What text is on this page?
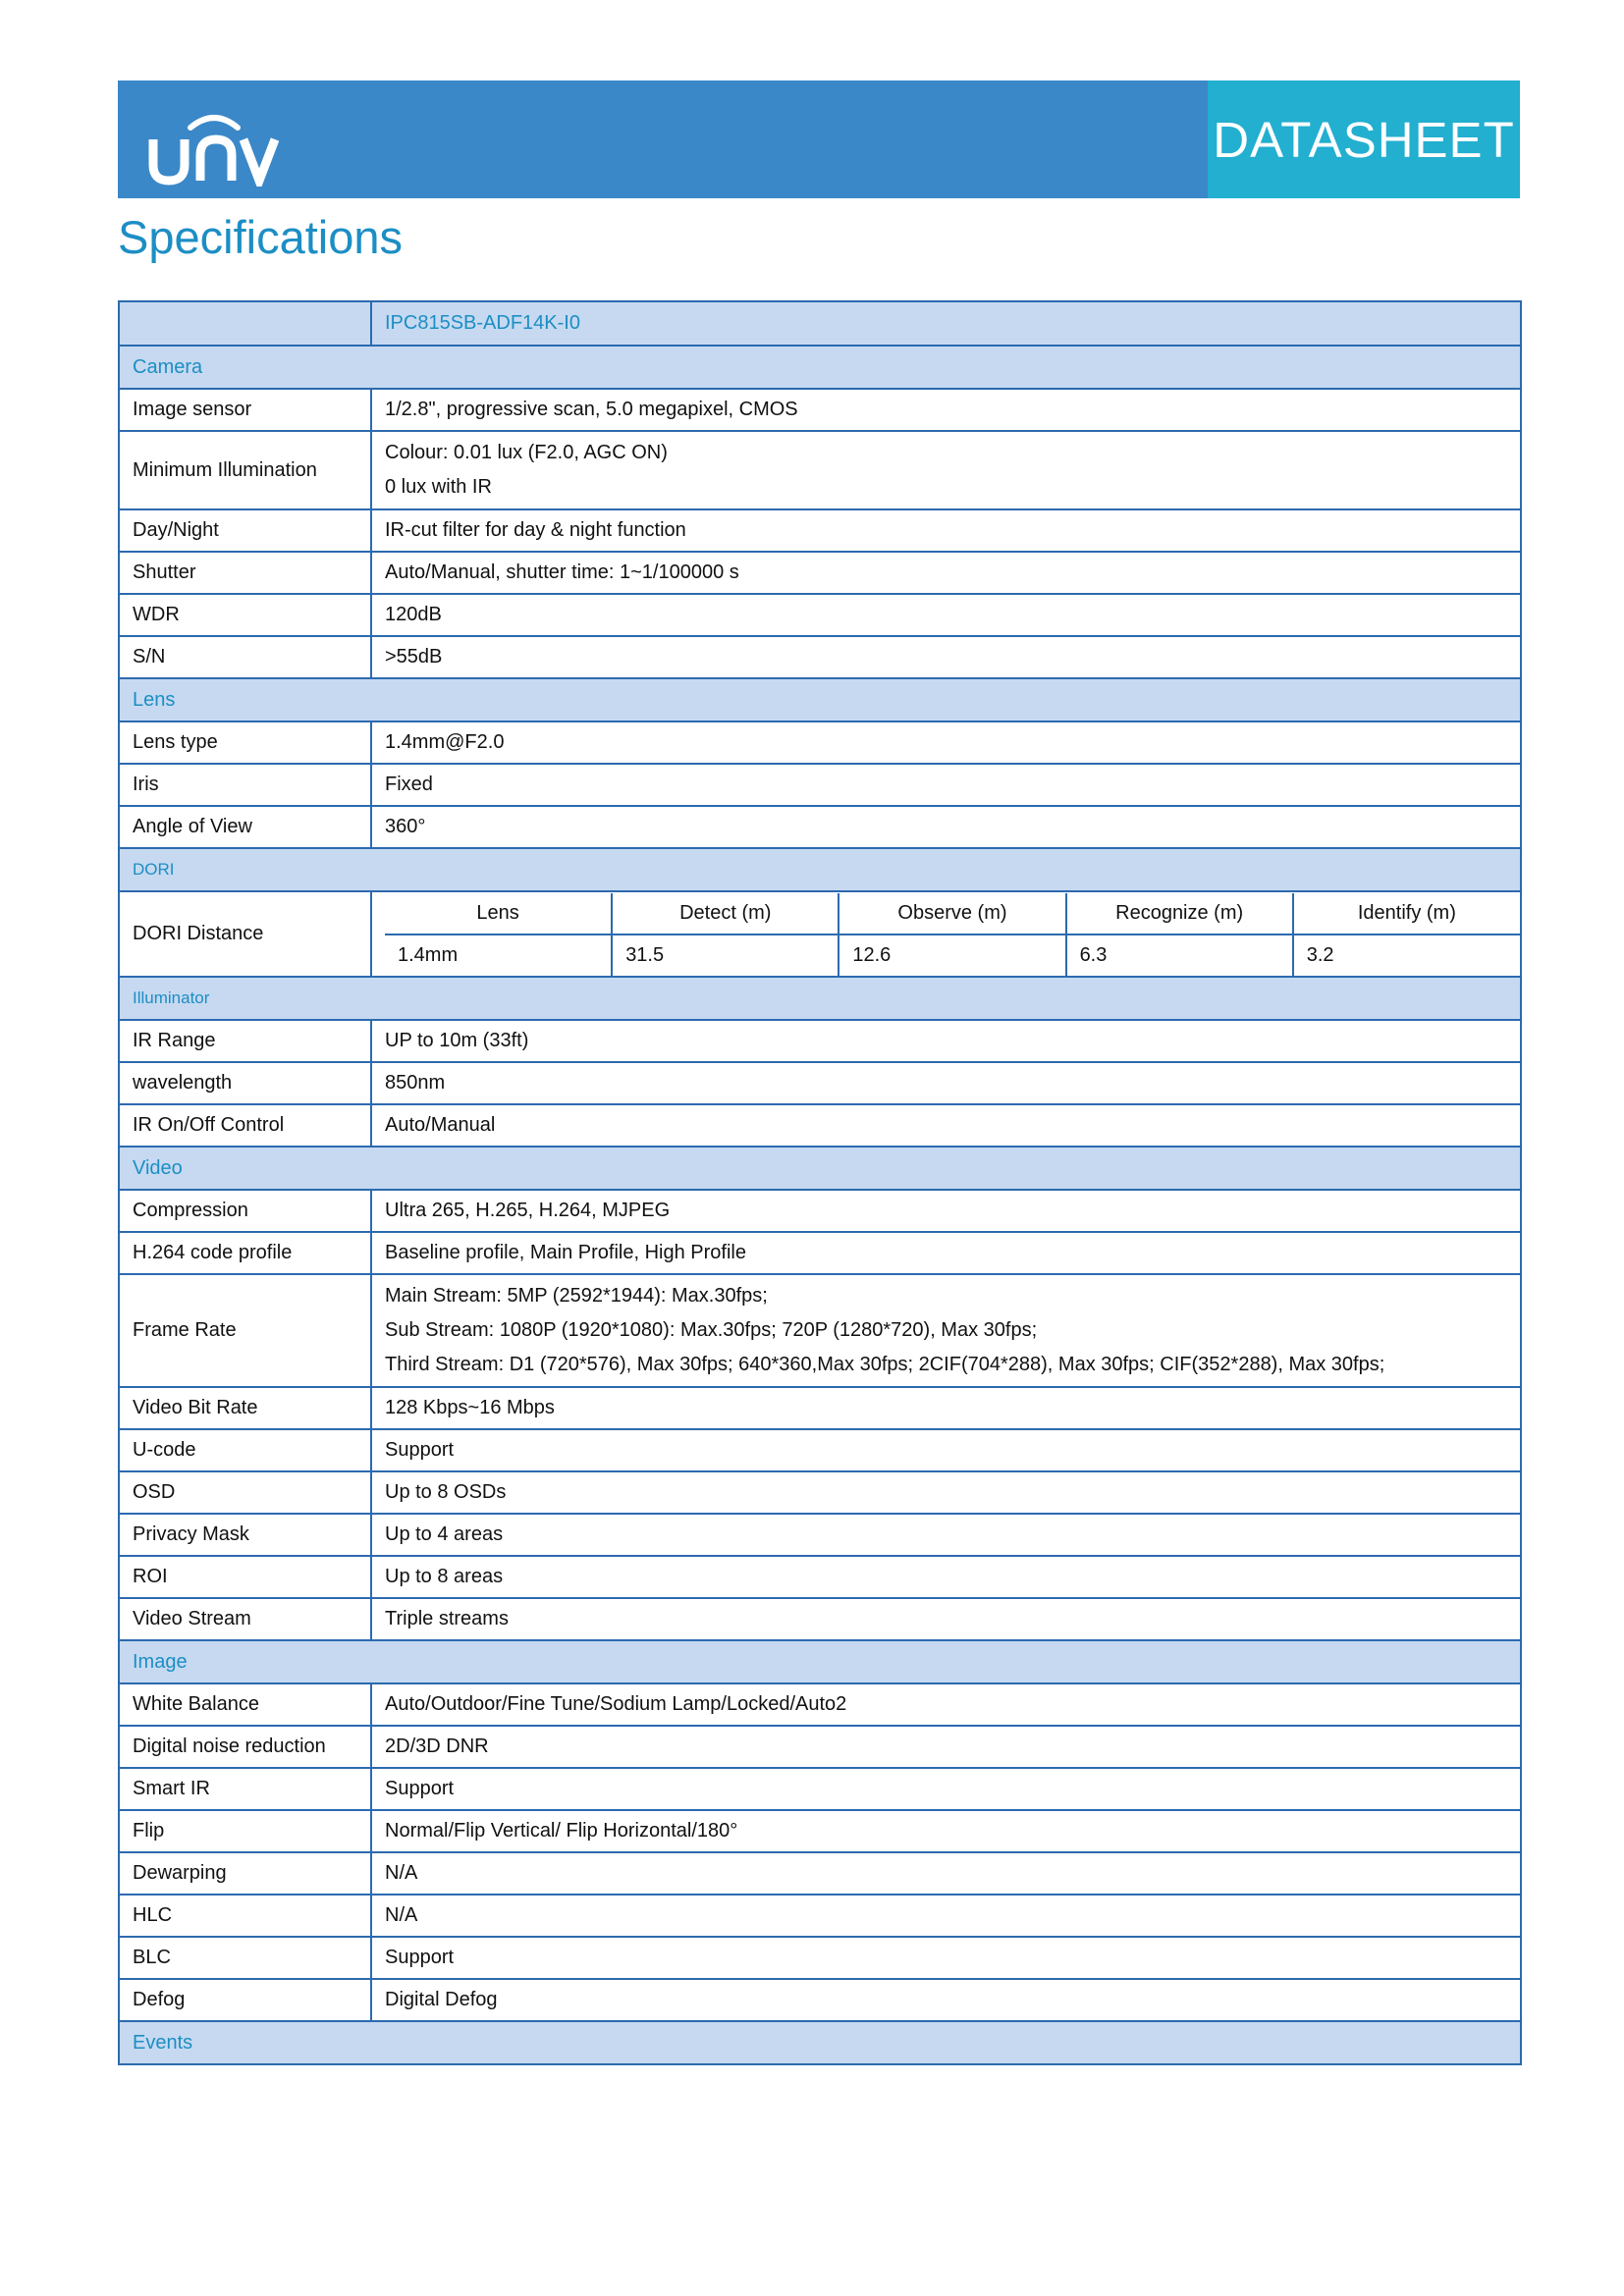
DATASHEET
Specifications
	IPC815SB-ADF14K-I0
Camera
Image sensor	1/2.8", progressive scan, 5.0 megapixel, CMOS

Minimum Illumination	
Colour: 0.01 lux (F2.0, AGC ON)
0 lux with IR

Day/Night	IR-cut filter for day & night function

Shutter	Auto/Manual, shutter time: 1~1/100000 s

WDR	120dB

S/N	>55dB

Lens
Lens type	1.4mm@F2.0

Iris	Fixed

Angle of View	360°

DORI
DORI Distance	
Lens	Detect (m)	Observe (m)	Recognize (m)	Identify (m)
1.4mm	31.5	12.6	6.3	3.2

Illuminator
IR Range	UP to 10m (33ft)

wavelength	850nm

IR On/Off Control	Auto/Manual

Video
Compression	Ultra 265, H.265, H.264, MJPEG

H.264 code profile	Baseline profile, Main Profile, High Profile

Frame Rate	
Main Stream: 5MP (2592*1944): Max.30fps;
Sub Stream: 1080P (1920*1080): Max.30fps; 720P (1280*720), Max 30fps;
Third Stream: D1 (720*576), Max 30fps; 640*360,Max 30fps; 2CIF(704*288), Max 30fps; CIF(352*288), Max 30fps;

Video Bit Rate	128 Kbps~16 Mbps

U-code	Support

OSD	Up to 8 OSDs

Privacy Mask	Up to 4 areas

ROI	Up to 8 areas

Video Stream	Triple streams

Image
White Balance	Auto/Outdoor/Fine Tune/Sodium Lamp/Locked/Auto2

Digital noise reduction	2D/3D DNR

Smart IR	Support

Flip	Normal/Flip Vertical/ Flip Horizontal/180°

Dewarping	N/A

HLC	N/A

BLC	Support

Defog	Digital Defog

Events
